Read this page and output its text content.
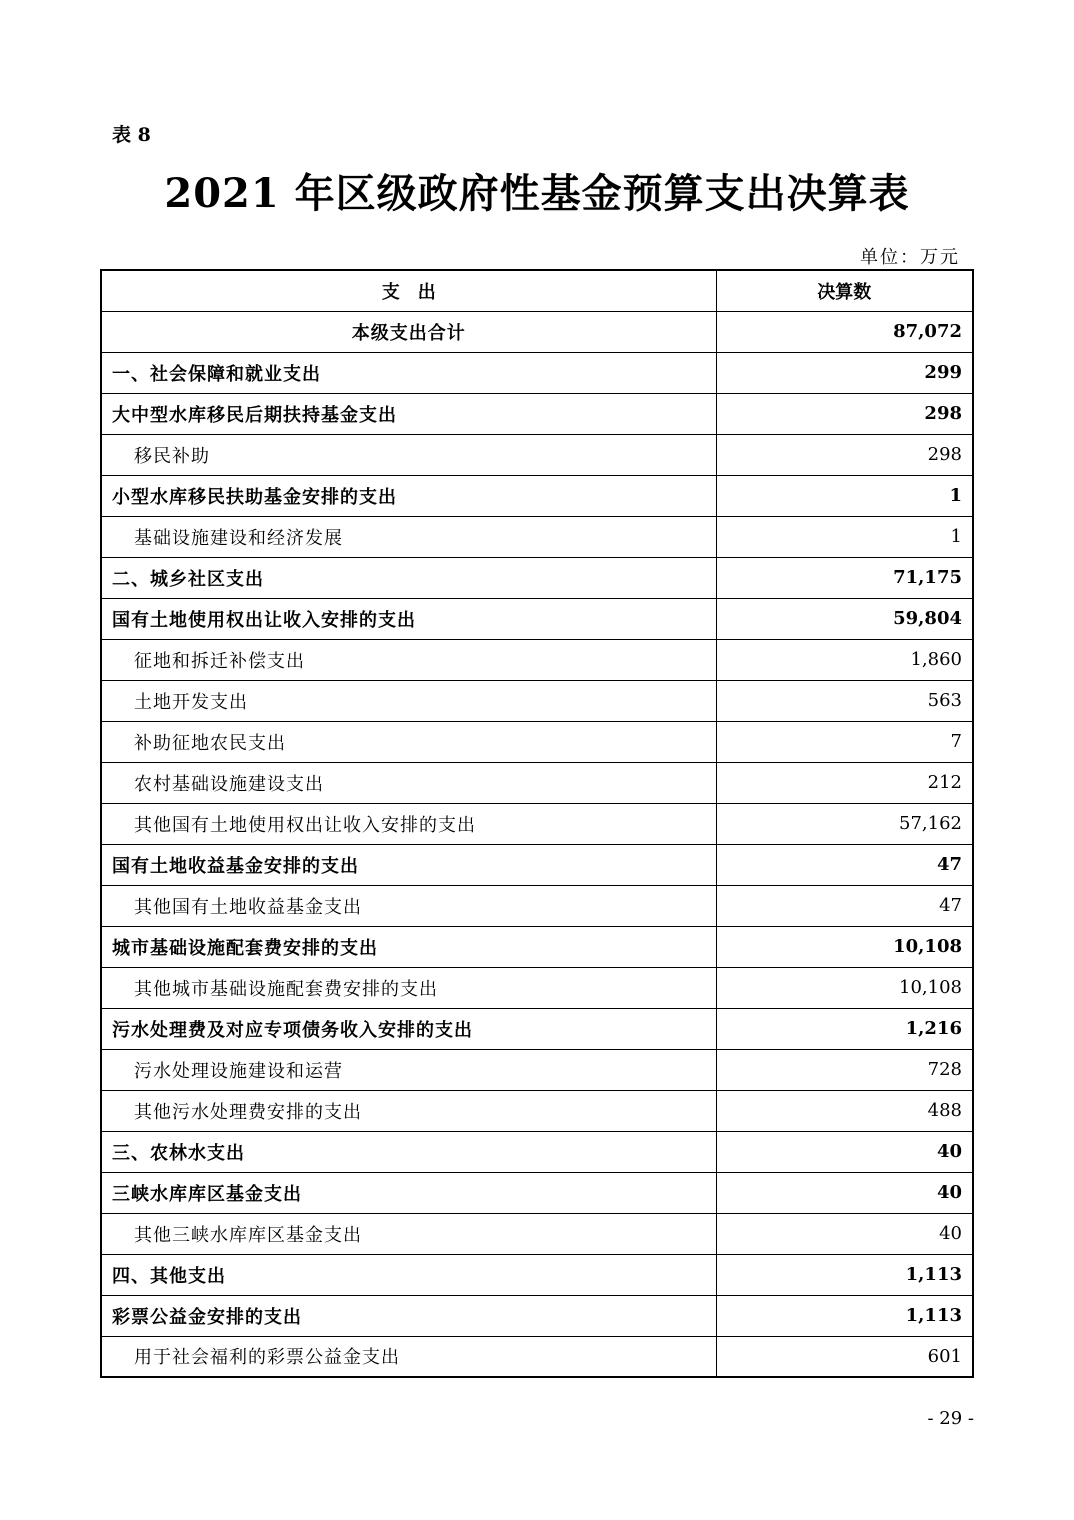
表 8
2021 年区级政府性基金预算支出决算表
单位：万元
支　出	决算数
本级支出合计	87,072
一、社会保障和就业支出	299
大中型水库移民后期扶持基金支出	298
移民补助	298
小型水库移民扶助基金安排的支出	1
基础设施建设和经济发展	1
二、城乡社区支出	71,175
国有土地使用权出让收入安排的支出	59,804
征地和拆迁补偿支出	1,860
土地开发支出	563
补助征地农民支出	7
农村基础设施建设支出	212
其他国有土地使用权出让收入安排的支出	57,162
国有土地收益基金安排的支出	47
其他国有土地收益基金支出	47
城市基础设施配套费安排的支出	10,108
其他城市基础设施配套费安排的支出	10,108
污水处理费及对应专项债务收入安排的支出	1,216
污水处理设施建设和运营	728
其他污水处理费安排的支出	488
三、农林水支出	40
三峡水库库区基金支出	40
其他三峡水库库区基金支出	40
四、其他支出	1,113
彩票公益金安排的支出	1,113
用于社会福利的彩票公益金支出	601
- 29 -
